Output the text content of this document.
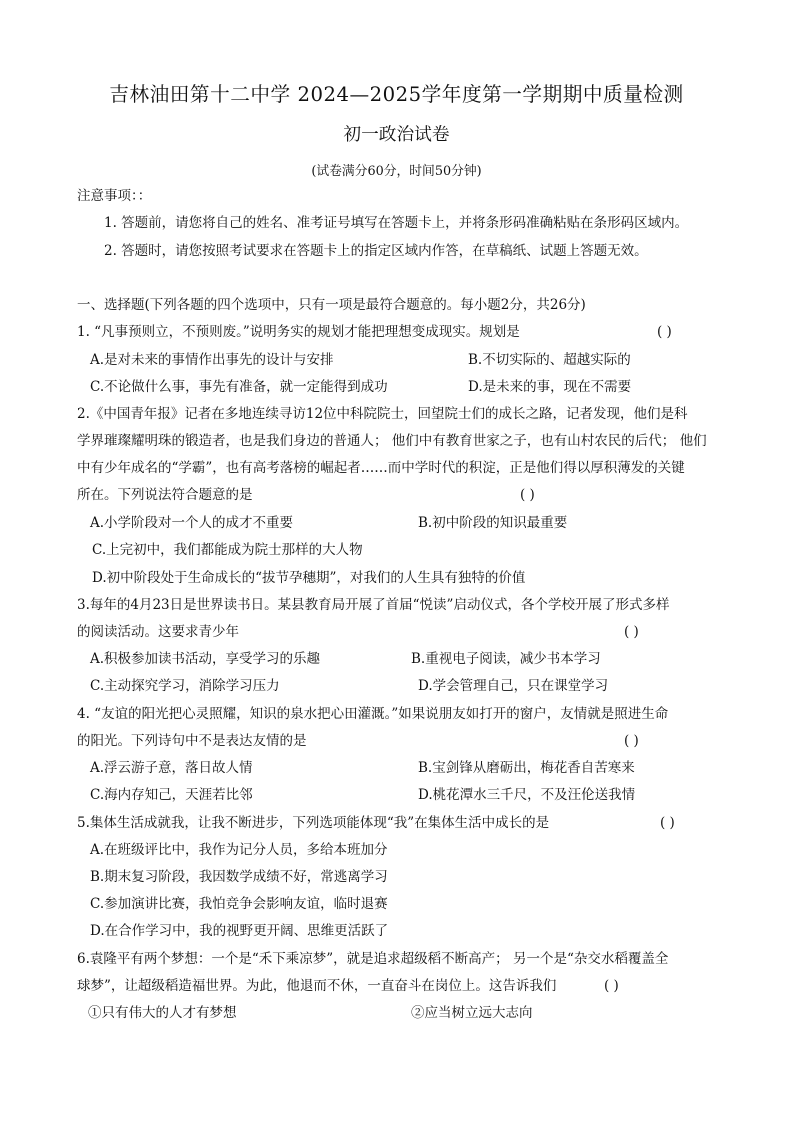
吉林油田第十二中学 2024—2025学年度第一学期期中质量检测
初一政治试卷
(试卷满分60分，时间50分钟)
注意事项：：
1. 答题前，请您将自己的姓名、准考证号填写在答题卡上，并将条形码准确粘贴在条形码区域内。
2. 答题时，请您按照考试要求在答题卡上的指定区域内作答，在草稿纸、试题上答题无效。
一、选择题(下列各题的四个选项中，只有一项是最符合题意的。每小题2分，共26分)
1. “凡事预则立，不预则废。”说明务实的规划才能把理想变成现实。规划是	( )
A.是对未来的事情作出事先的设计与安排	B.不切实际的、超越实际的
C.不论做什么事，事先有准备，就一定能得到成功	D.是未来的事，现在不需要
2.《中国青年报》记者在多地连续寻访12位中科院院士，回望院士们的成长之路，记者发现，他们是科
学界璀璨耀明珠的锻造者，也是我们身边的普通人； 他们中有教育世家之子，也有山村农民的后代； 他们
中有少年成名的“学霸”，也有高考落榜的崛起者……而中学时代的积淀，正是他们得以厚积薄发的关键
所在。下列说法符合题意的是	( )
A.小学阶段对一个人的成才不重要	B.初中阶段的知识最重要
C.上完初中，我们都能成为院士那样的大人物
D.初中阶段处于生命成长的“拔节孕穗期”，对我们的人生具有独特的价值
3.每年的4月23日是世界读书日。某县教育局开展了首届“悦读”启动仪式，各个学校开展了形式多样
的阅读活动。这要求青少年	( )
A.积极参加读书活动，享受学习的乐趣	B.重视电子阅读，减少书本学习
C.主动探究学习，消除学习压力	D.学会管理自己，只在课堂学习
4. “友谊的阳光把心灵照耀，知识的泉水把心田灌溉。”如果说朋友如打开的窗户，友情就是照进生命
的阳光。下列诗句中不是表达友情的是	( )
A.浮云游子意，落日故人情	B.宝剑锋从磨砺出，梅花香自苦寒来
C.海内存知己，天涯若比邻	D.桃花潭水三千尺，不及汪伦送我情
5.集体生活成就我，让我不断进步，下列选项能体现“我”在集体生活中成长的是	( )
A.在班级评比中，我作为记分人员，多给本班加分
B.期末复习阶段，我因数学成绩不好，常逃离学习
C.参加演讲比赛，我怕竞争会影响友谊，临时退赛
D.在合作学习中，我的视野更开阔、思维更活跃了
6.袁隆平有两个梦想：一个是“禾下乘凉梦”，就是追求超级稻不断高产； 另一个是“杂交水稻覆盖全
球梦”，让超级稻造福世界。为此，他退而不休，一直奋斗在岗位上。这告诉我们	( )
①只有伟大的人才有梦想	②应当树立远大志向
